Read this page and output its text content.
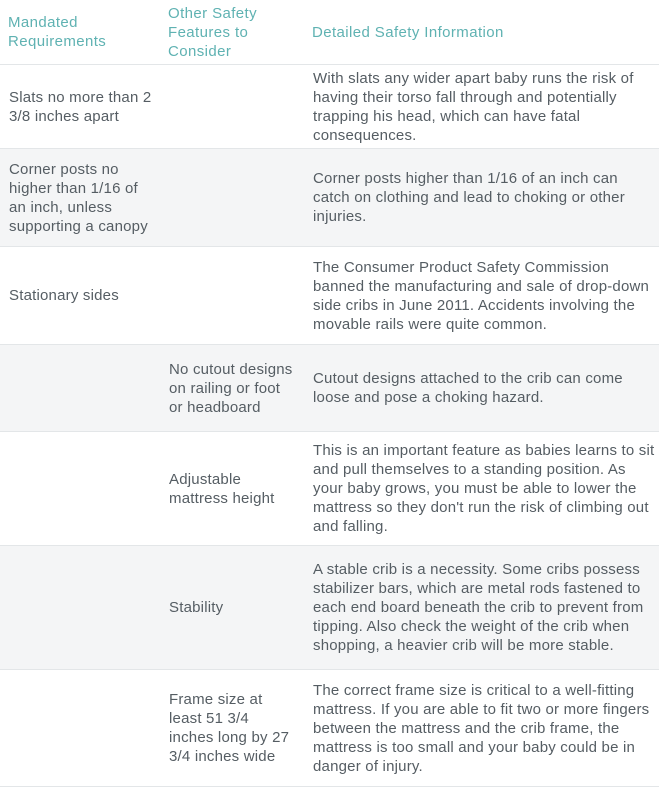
Mandated Requirements	Other Safety Features to Consider	Detailed Safety Information
Slats no more than 2 3/8 inches apart		With slats any wider apart baby runs the risk of having their torso fall through and potentially trapping his head, which can have fatal consequences.
Corner posts no higher than 1/16 of an inch, unless supporting a canopy		Corner posts higher than 1/16 of an inch can catch on clothing and lead to choking or other injuries.
Stationary sides		The Consumer Product Safety Commission banned the manufacturing and sale of drop-down side cribs in June 2011. Accidents involving the movable rails were quite common.
	No cutout designs on railing or foot or headboard	Cutout designs attached to the crib can come loose and pose a choking hazard.
	Adjustable mattress height	This is an important feature as babies learns to sit and pull themselves to a standing position. As your baby grows, you must be able to lower the mattress so they don't run the risk of climbing out and falling.
	Stability	A stable crib is a necessity. Some cribs possess stabilizer bars, which are metal rods fastened to each end board beneath the crib to prevent from tipping. Also check the weight of the crib when shopping, a heavier crib will be more stable.
	Frame size at least 51 3/4 inches long by 27 3/4 inches wide	The correct frame size is critical to a well-fitting mattress. If you are able to fit two or more fingers between the mattress and the crib frame, the mattress is too small and your baby could be in danger of injury.
